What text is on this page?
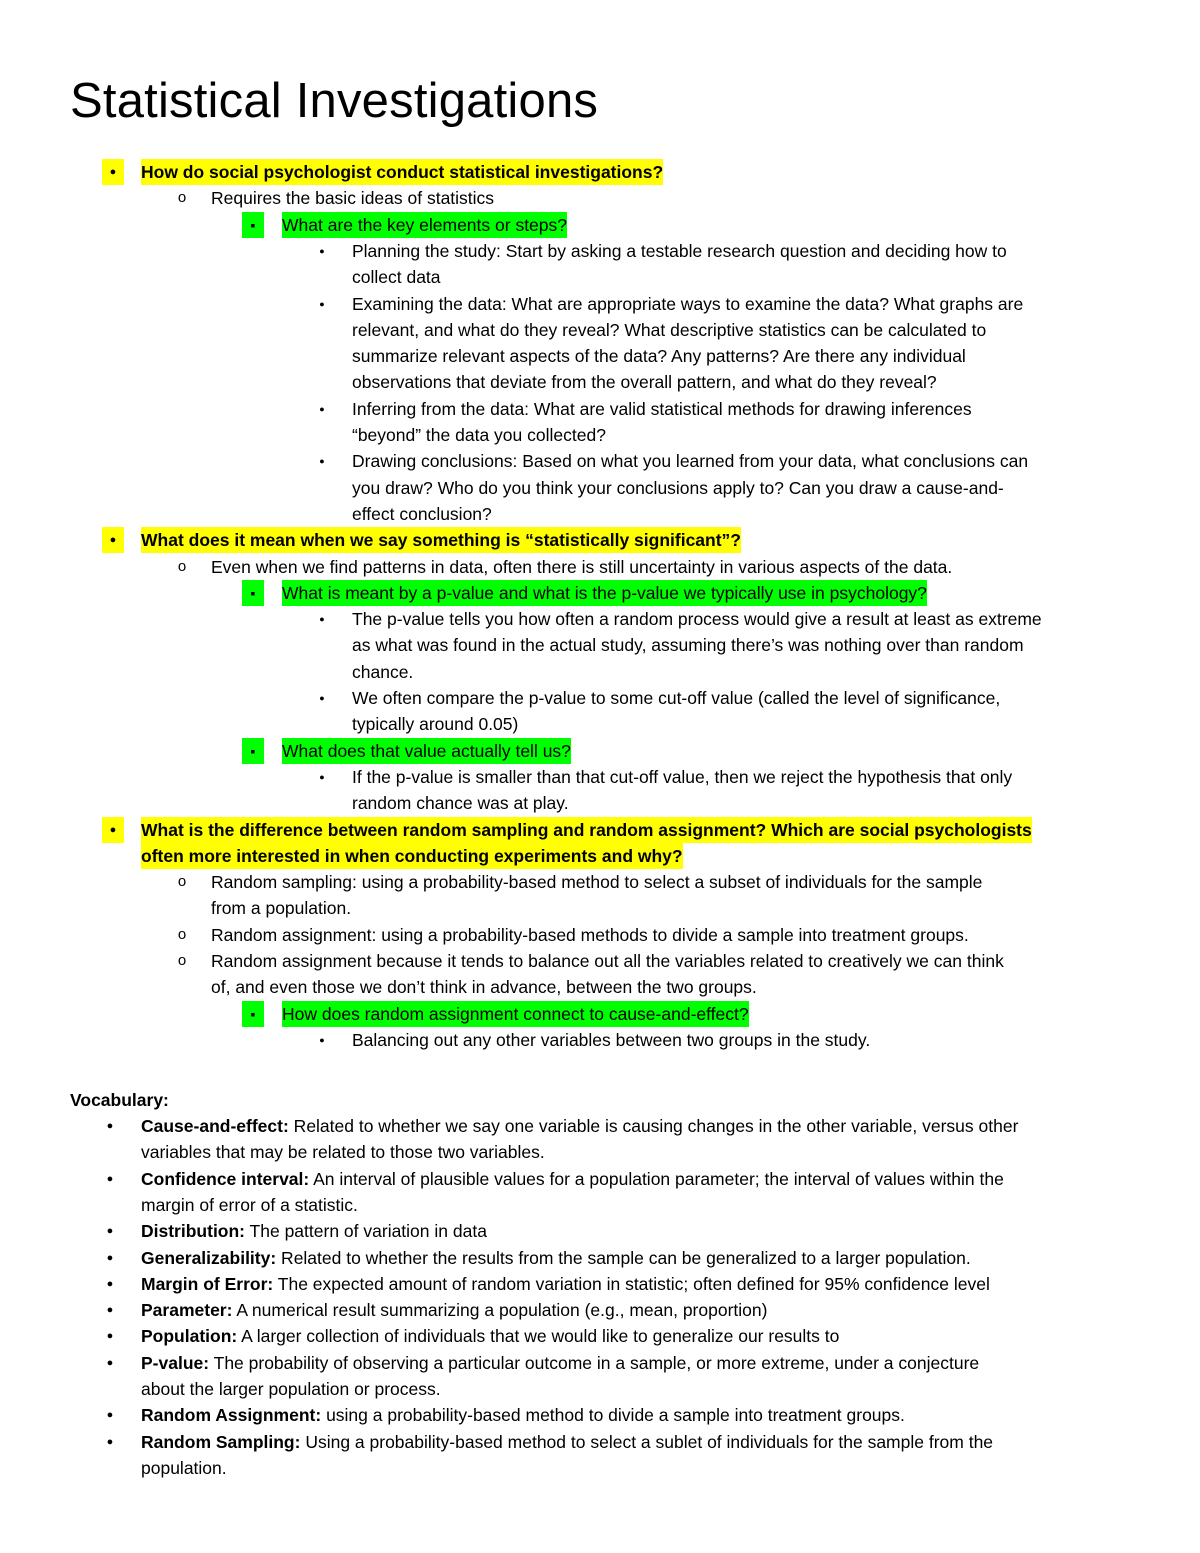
Statistical Investigations
●	How do social psychologist conduct statistical investigations?
o	Requires the basic ideas of statistics
▪	What are the key elements or steps?
●	Planning the study: Start by asking a testable research question and deciding how to
collect data
●	Examining the data: What are appropriate ways to examine the data? What graphs are
relevant, and what do they reveal? What descriptive statistics can be calculated to
summarize relevant aspects of the data? Any patterns? Are there any individual
observations that deviate from the overall pattern, and what do they reveal?
●	Inferring from the data: What are valid statistical methods for drawing inferences
“beyond” the data you collected?
●	Drawing conclusions: Based on what you learned from your data, what conclusions can
you draw? Who do you think your conclusions apply to? Can you draw a cause-and-
effect conclusion?
●	What does it mean when we say something is “statistically significant”?
o	Even when we find patterns in data, often there is still uncertainty in various aspects of the data.
▪	What is meant by a p-value and what is the p-value we typically use in psychology?
●	The p-value tells you how often a random process would give a result at least as extreme
as what was found in the actual study, assuming there’s was nothing over than random
chance.
●	We often compare the p-value to some cut-off value (called the level of significance,
typically around 0.05)
▪	What does that value actually tell us?
●	If the p-value is smaller than that cut-off value, then we reject the hypothesis that only
random chance was at play.
●	What is the difference between random sampling and random assignment? Which are social psychologists
often more interested in when conducting experiments and why?
o	Random sampling: using a probability-based method to select a subset of individuals for the sample
from a population.
o	Random assignment: using a probability-based methods to divide a sample into treatment groups.
o	Random assignment because it tends to balance out all the variables related to creatively we can think
of, and even those we don’t think in advance, between the two groups.
▪	How does random assignment connect to cause-and-effect?
●	Balancing out any other variables between two groups in the study.
Vocabulary:
●	Cause-and-effect: Related to whether we say one variable is causing changes in the other variable, versus other
variables that may be related to those two variables.
●	Confidence interval: An interval of plausible values for a population parameter; the interval of values within the
margin of error of a statistic.
●	Distribution: The pattern of variation in data
●	Generalizability: Related to whether the results from the sample can be generalized to a larger population.
●	Margin of Error: The expected amount of random variation in statistic; often defined for 95% confidence level
●	Parameter: A numerical result summarizing a population (e.g., mean, proportion)
●	Population: A larger collection of individuals that we would like to generalize our results to
●	P-value: The probability of observing a particular outcome in a sample, or more extreme, under a conjecture
about the larger population or process.
●	Random Assignment: using a probability-based method to divide a sample into treatment groups.
●	Random Sampling: Using a probability-based method to select a sublet of individuals for the sample from the
population.
